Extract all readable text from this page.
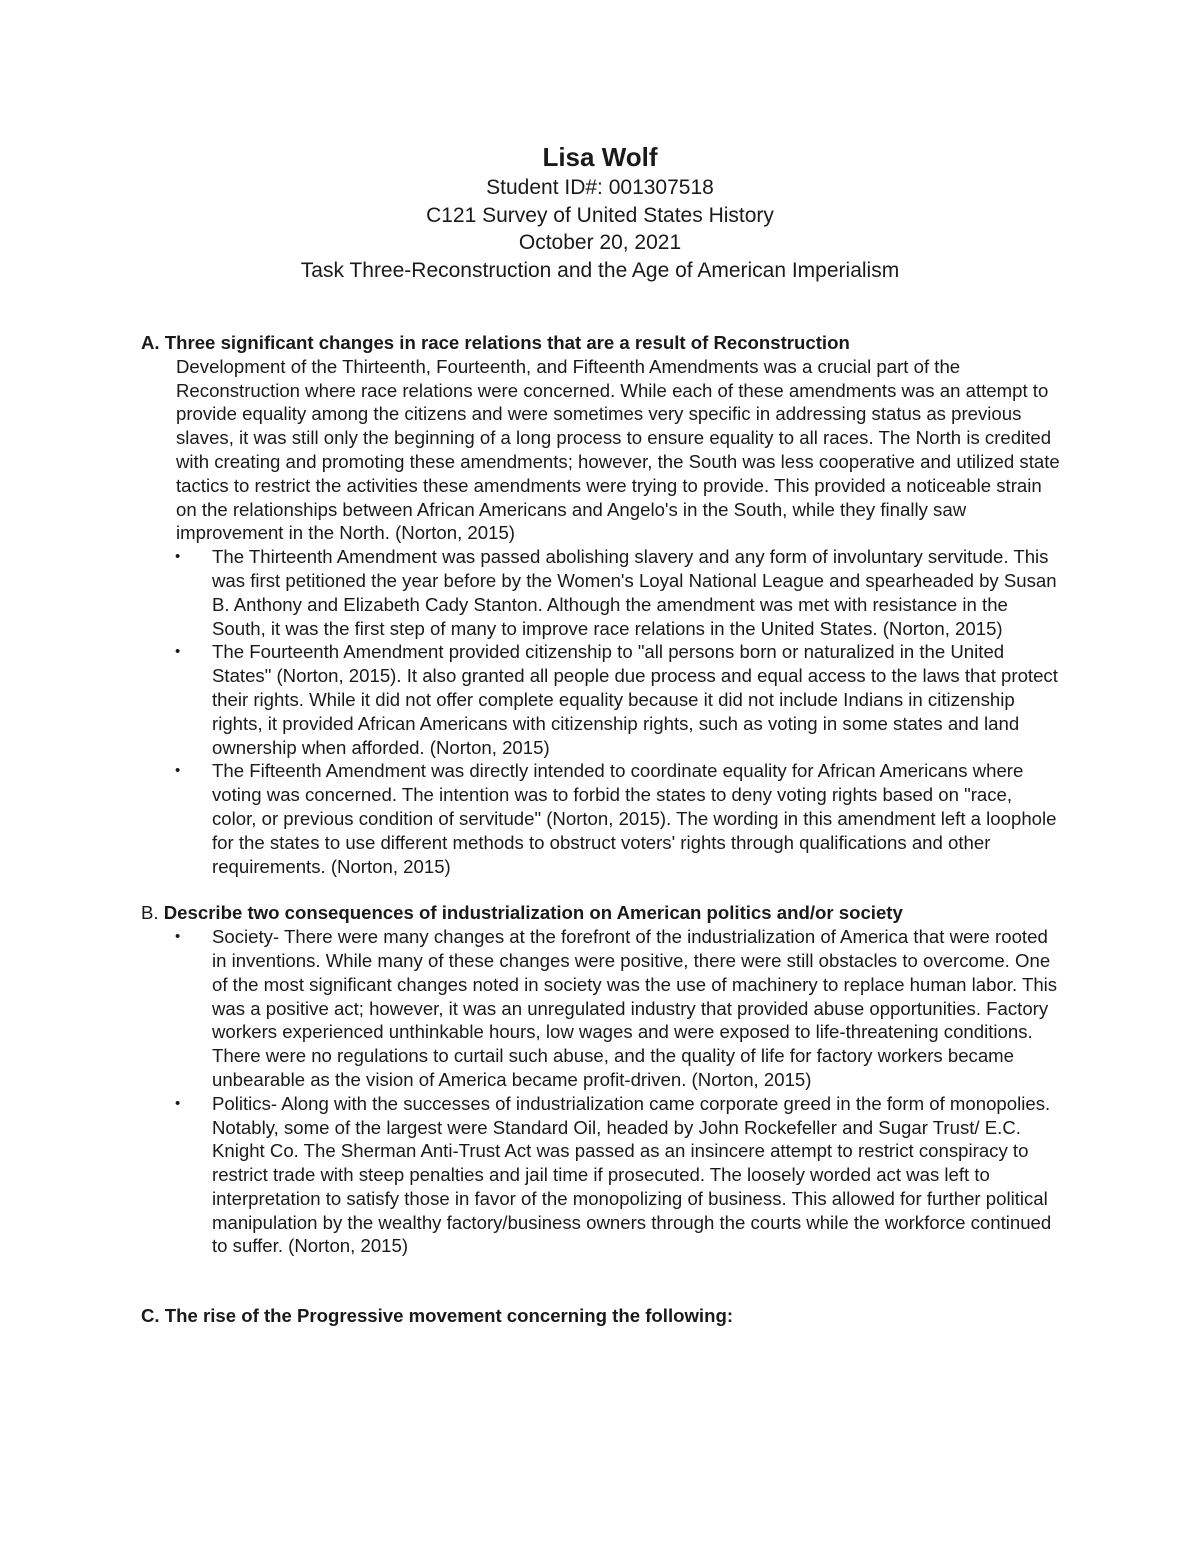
Lisa Wolf
Student ID#: 001307518
C121 Survey of United States History
October 20, 2021
Task Three-Reconstruction and the Age of American Imperialism

A. Three significant changes in race relations that are a result of Reconstruction

Development of the Thirteenth, Fourteenth, and Fifteenth Amendments was a crucial part of the Reconstruction where race relations were concerned. While each of these amendments was an attempt to provide equality among the citizens and were sometimes very specific in addressing status as previous slaves, it was still only the beginning of a long process to ensure equality to all races. The North is credited with creating and promoting these amendments; however, the South was less cooperative and utilized state tactics to restrict the activities these amendments were trying to provide. This provided a noticeable strain on the relationships between African Americans and Angelo's in the South, while they finally saw improvement in the North. (Norton, 2015)

• The Thirteenth Amendment was passed abolishing slavery and any form of involuntary servitude. This was first petitioned the year before by the Women's Loyal National League and spearheaded by Susan B. Anthony and Elizabeth Cady Stanton. Although the amendment was met with resistance in the South, it was the first step of many to improve race relations in the United States. (Norton, 2015)
• The Fourteenth Amendment provided citizenship to "all persons born or naturalized in the United States" (Norton, 2015). It also granted all people due process and equal access to the laws that protect their rights. While it did not offer complete equality because it did not include Indians in citizenship rights, it provided African Americans with citizenship rights, such as voting in some states and land ownership when afforded. (Norton, 2015)
• The Fifteenth Amendment was directly intended to coordinate equality for African Americans where voting was concerned. The intention was to forbid the states to deny voting rights based on "race, color, or previous condition of servitude" (Norton, 2015). The wording in this amendment left a loophole for the states to use different methods to obstruct voters' rights through qualifications and other requirements. (Norton, 2015)

B. Describe two consequences of industrialization on American politics and/or society

• Society- There were many changes at the forefront of the industrialization of America that were rooted in inventions. While many of these changes were positive, there were still obstacles to overcome. One of the most significant changes noted in society was the use of machinery to replace human labor. This was a positive act; however, it was an unregulated industry that provided abuse opportunities. Factory workers experienced unthinkable hours, low wages and were exposed to life-threatening conditions. There were no regulations to curtail such abuse, and the quality of life for factory workers became unbearable as the vision of America became profit-driven. (Norton, 2015)
• Politics- Along with the successes of industrialization came corporate greed in the form of monopolies. Notably, some of the largest were Standard Oil, headed by John Rockefeller and Sugar Trust/ E.C. Knight Co. The Sherman Anti-Trust Act was passed as an insincere attempt to restrict conspiracy to restrict trade with steep penalties and jail time if prosecuted. The loosely worded act was left to interpretation to satisfy those in favor of the monopolizing of business. This allowed for further political manipulation by the wealthy factory/business owners through the courts while the workforce continued to suffer. (Norton, 2015)

C. The rise of the Progressive movement concerning the following:
